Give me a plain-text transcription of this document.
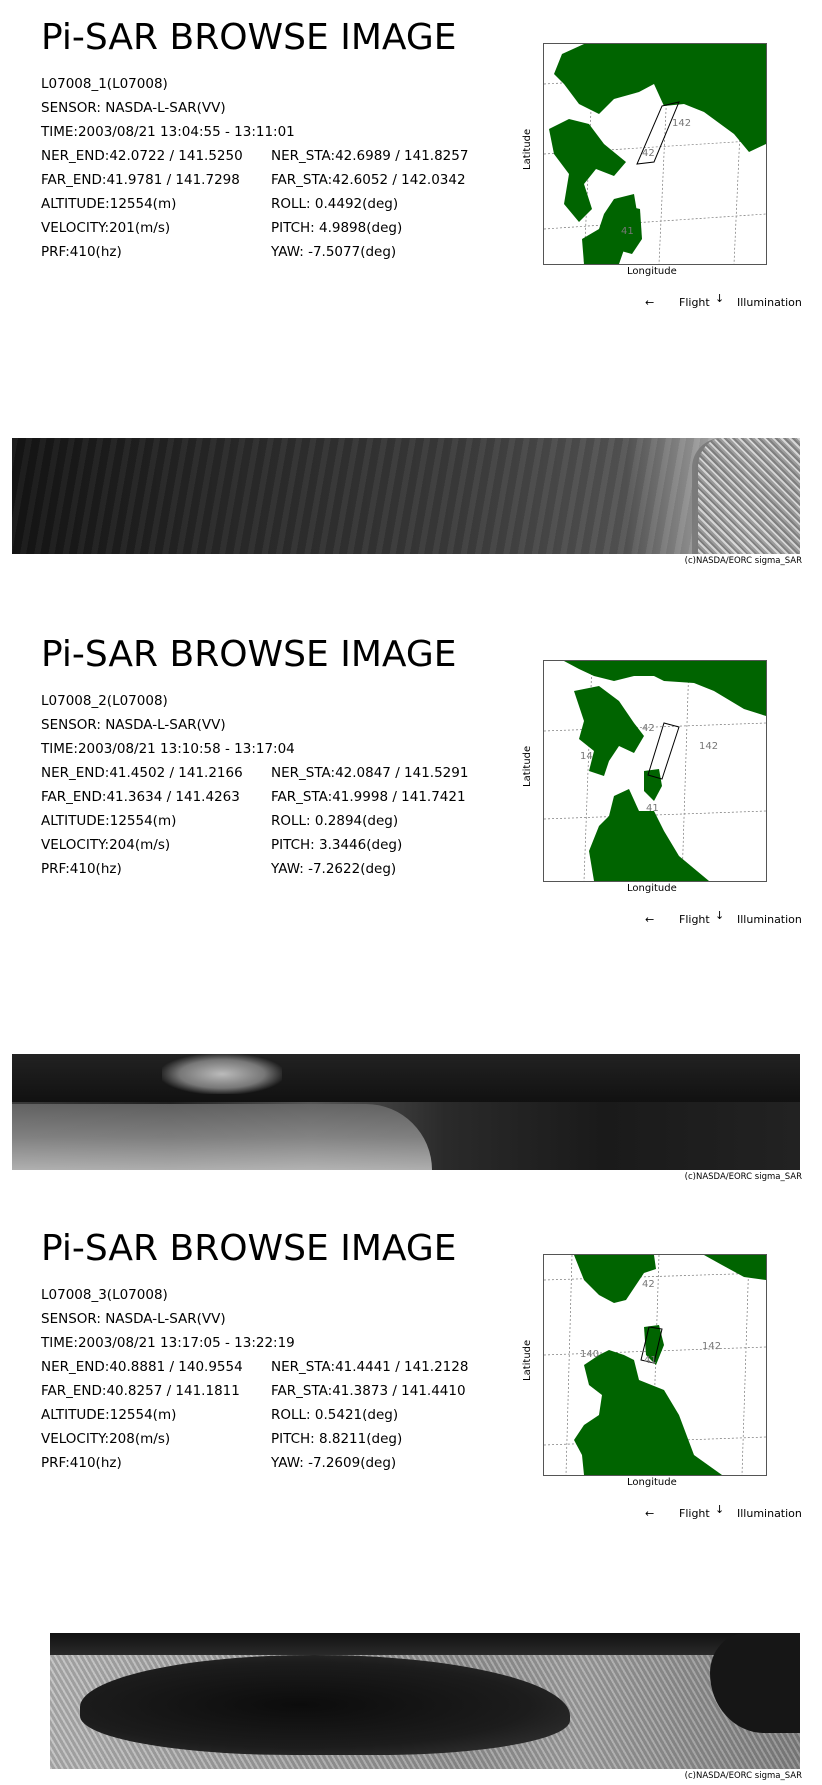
Pi-SAR BROWSE IMAGE
L07008_1(L07008)
SENSOR: NASDA-L-SAR(VV)
TIME:2003/08/21 13:04:55 - 13:11:01
NER_END:42.0722 / 141.5250 NER_STA:42.6989 / 141.8257
FAR_END:41.9781 / 141.7298 FAR_STA:42.6052 / 142.0342
ALTITUDE:12554(m)	ROLL: 0.4492(deg)
VELOCITY:201(m/s)	PITCH: 4.9898(deg)
PRF:410(hz)	YAW: -7.5077(deg)
Latitude
142
42
41
Longitude
← Flight ↓ Illumination
(c)NASDA/EORC sigma_SAR
Pi-SAR BROWSE IMAGE
L07008_2(L07008)
SENSOR: NASDA-L-SAR(VV)
TIME:2003/08/21 13:10:58 - 13:17:04
NER_END:41.4502 / 141.2166 NER_STA:42.0847 / 141.5291
FAR_END:41.3634 / 141.4263 FAR_STA:41.9998 / 141.7421
ALTITUDE:12554(m)	ROLL: 0.2894(deg)
VELOCITY:204(m/s)	PITCH: 3.3446(deg)
PRF:410(hz)	YAW: -7.2622(deg)
Latitude
42
14
142
41
Longitude
← Flight ↓ Illumination
(c)NASDA/EORC sigma_SAR
Pi-SAR BROWSE IMAGE
L07008_3(L07008)
SENSOR: NASDA-L-SAR(VV)
TIME:2003/08/21 13:17:05 - 13:22:19
NER_END:40.8881 / 140.9554 NER_STA:41.4441 / 141.2128
FAR_END:40.8257 / 141.1811 FAR_STA:41.3873 / 141.4410
ALTITUDE:12554(m)	ROLL: 0.5421(deg)
VELOCITY:208(m/s)	PITCH: 8.8211(deg)
PRF:410(hz)	YAW: -7.2609(deg)
Latitude
42
140
142
41
Longitude
← Flight ↓ Illumination
(c)NASDA/EORC sigma_SAR
